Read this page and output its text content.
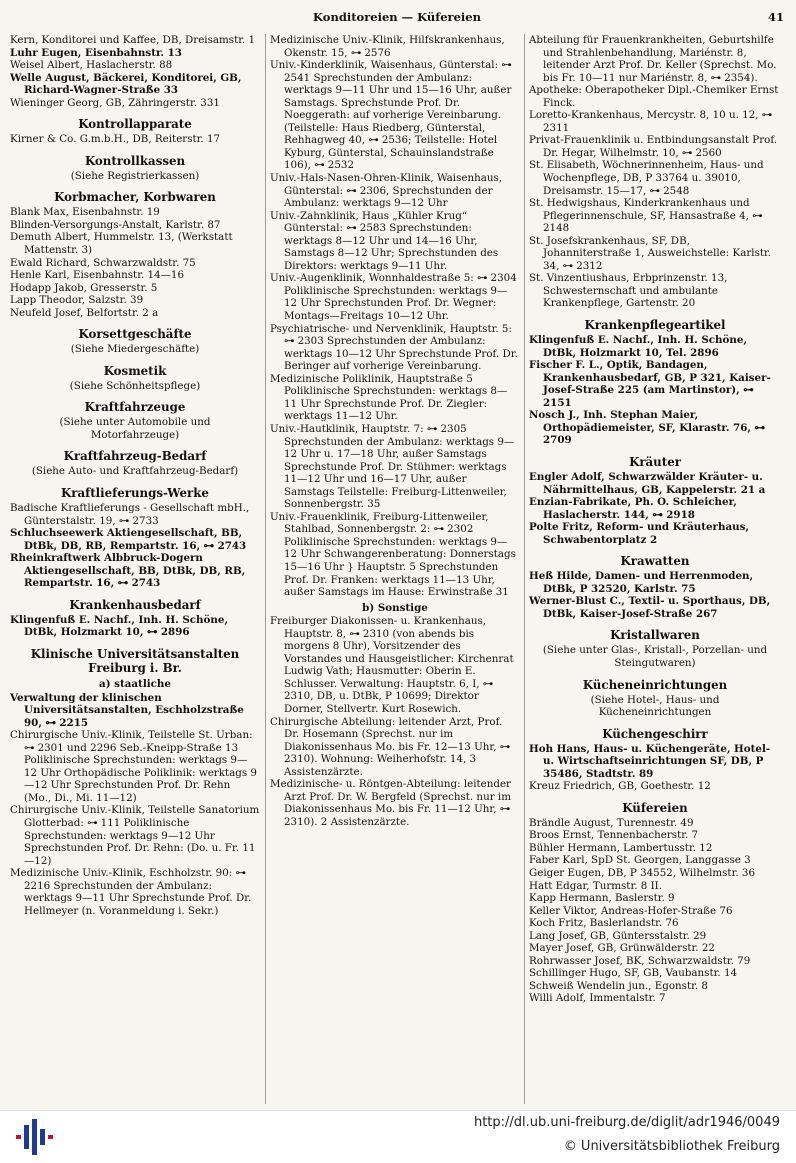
Konditoreien — Küfereien	41
Kern, Konditorei und Kaffee, DB, Dreisamstr. 1
Luhr Eugen, Eisenbahnstr. 13
Weisel Albert, Haslacherstr. 88
Welle August, Bäckerei, Konditorei, GB, Richard-Wagner-Straße 33
Wieninger Georg, GB, Zähringerstr. 331
Kontrollapparate
Kirner & Co. G.m.b.H., DB, Reiterstr. 17
Kontrollkassen
(Siehe Registrierkassen)
Korbmacher, Korbwaren
Blank Max, Eisenbahnstr. 19
Blinden-Versorgungs-Anstalt, Karlstr. 87
Demuth Albert, Hummelstr. 13, (Werkstatt Mattenstr. 3)
Ewald Richard, Schwarzwaldstr. 75
Henle Karl, Eisenbahnstr. 14—16
Hodapp Jakob, Gresserstr. 5
Lapp Theodor, Salzstr. 39
Neufeld Josef, Belfortstr. 2 a
Korsettgeschäfte
(Siehe Miedergeschäfte)
Kosmetik
(Siehe Schönheitspflege)
Kraftfahrzeuge
(Siehe unter Automobile und Motorfahrzeuge)
Kraftfahrzeug-Bedarf
(Siehe Auto- und Kraftfahrzeug-Bedarf)
Kraftlieferungs-Werke
Badische Kraftlieferungs - Gesellschaft mbH., Günterstalstr. 19, ⊶ 2733
Schluchseewerk Aktiengesellschaft, BB, DtBk, DB, RB, Rempartstr. 16, ⊶ 2743
Rheinkraftwerk Albbruck-Dogern Aktiengesellschaft, BB, DtBk, DB, RB, Rempartstr. 16, ⊶ 2743
Krankenhausbedarf
Klingenfuß E. Nachf., Inh. H. Schöne, DtBk, Holzmarkt 10, ⊶ 2896
Klinische Universitätsanstalten Freiburg i. Br.
a) staatliche
Verwaltung der klinischen Universitätsanstalten, Eschholzstraße 90, ⊶ 2215
Chirurgische Univ.-Klinik, Teilstelle St. Urban: ⊶ 2301 und 2296 Seb.-Kneipp-Straße 13 Poliklinische Sprechstunden: werktags 9—12 Uhr Orthopädische Poliklinik: werktags 9—12 Uhr Sprechstunden Prof. Dr. Rehn (Mo., Di., Mi. 11—12)
Chirurgische Univ.-Klinik, Teilstelle Sanatorium Glotterbad: ⊶ 111 Poliklinische Sprechstunden: werktags 9—12 Uhr Sprechstunden Prof. Dr. Rehn: (Do. u. Fr. 11—12)
Medizinische Univ.-Klinik, Eschholzstr. 90: ⊶ 2216 Sprechstunden der Ambulanz: werktags 9—11 Uhr Sprechstunde Prof. Dr. Hellmeyer (n. Voranmeldung i. Sekr.)
Medizinische Univ.-Klinik, Hilfskrankenhaus, Okenstr. 15, ⊶ 2576
Univ.-Kinderklinik, Waisenhaus, Günterstal: ⊶ 2541 Sprechstunden der Ambulanz: werktags 9—11 Uhr und 15—16 Uhr, außer Samstags. Sprechstunde Prof. Dr. Noeggerath: auf vorherige Vereinbarung. (Teilstelle: Haus Riedberg, Günterstal, Rehhagweg 40, ⊶ 2536; Teilstelle: Hotel Kyburg, Günterstal, Schauinslandstraße 106), ⊶ 2532
Univ.-Hals-Nasen-Ohren-Klinik, Waisenhaus, Günterstal: ⊶ 2306, Sprechstunden der Ambulanz: werktags 9—12 Uhr
Univ.-Zahnklinik, Haus „Kühler Krug“ Günterstal: ⊶ 2583 Sprechstunden: werktags 8—12 Uhr und 14—16 Uhr, Samstags 8—12 Uhr; Sprechstunden des Direktors: werktags 9—11 Uhr.
Univ.-Augenklinik, Wonnhaldestraße 5: ⊶ 2304 Poliklinische Sprechstunden: werktags 9—12 Uhr Sprechstunden Prof. Dr. Wegner: Montags—Freitags 10—12 Uhr.
Psychiatrische- und Nervenklinik, Hauptstr. 5: ⊶ 2303 Sprechstunden der Ambulanz: werktags 10—12 Uhr Sprechstunde Prof. Dr. Beringer auf vorherige Vereinbarung.
Medizinische Poliklinik, Hauptstraße 5 Poliklinische Sprechstunden: werktags 8—11 Uhr Sprechstunde Prof. Dr. Ziegler: werktags 11—12 Uhr.
Univ.-Hautklinik, Hauptstr. 7: ⊶ 2305 Sprechstunden der Ambulanz: werktags 9—12 Uhr u. 17—18 Uhr, außer Samstags Sprechstunde Prof. Dr. Stühmer: werktags 11—12 Uhr und 16—17 Uhr, außer Samstags Teilstelle: Freiburg-Littenweiler, Sonnenbergstr. 35
Univ.-Frauenklinik, Freiburg-Littenweiler, Stahlbad, Sonnenbergstr. 2: ⊶ 2302 Poliklinische Sprechstunden: werktags 9—12 Uhr Schwangerenberatung: Donnerstags 15—16 Uhr } Hauptstr. 5 Sprechstunden Prof. Dr. Franken: werktags 11—13 Uhr, außer Samstags im Hause: Erwinstraße 31
b) Sonstige
Freiburger Diakonissen- u. Krankenhaus, Hauptstr. 8, ⊶ 2310 (von abends bis morgens 8 Uhr), Vorsitzender des Vorstandes und Hausgeistlicher: Kirchenrat Ludwig Vath; Hausmutter: Oberin E. Schlusser. Verwaltung: Hauptstr. 6, I, ⊶ 2310, DB, u. DtBk, P 10699; Direktor Dorner, Stellvertr. Kurt Rosewich.
Chirurgische Abteilung: leitender Arzt, Prof. Dr. Hosemann (Sprechst. nur im Diakonissenhaus Mo. bis Fr. 12—13 Uhr, ⊶ 2310). Wohnung: Weiherhofstr. 14, 3 Assistenzärzte.
Medizinische- u. Röntgen-Abteilung: leitender Arzt Prof. Dr. W. Bergfeld (Sprechst. nur im Diakonissenhaus Mo. bis Fr. 11—12 Uhr, ⊶ 2310). 2 Assistenzärzte.
Abteilung für Frauenkrankheiten, Geburtshilfe und Strahlenbehandlung, Mariénstr. 8, leitender Arzt Prof. Dr. Keller (Sprechst. Mo. bis Fr. 10—11 nur Mariénstr. 8, ⊶ 2354).
Apotheke: Oberapotheker Dipl.-Chemiker Ernst Finck.
Loretto-Krankenhaus, Mercystr. 8, 10 u. 12, ⊶ 2311
Privat-Frauenklinik u. Entbindungsanstalt Prof. Dr. Hegar, Wilhelmstr. 10, ⊶ 2560
St. Elisabeth, Wöchnerinnenheim, Haus- und Wochenpflege, DB, P 33764 u. 39010, Dreisamstr. 15—17, ⊶ 2548
St. Hedwigshaus, Kinderkrankenhaus und Pflegerinnenschule, SF, Hansastraße 4, ⊶ 2148
St. Josefskrankenhaus, SF, DB, Johanniterstraße 1, Ausweichstelle: Karlstr. 34, ⊶ 2312
St. Vinzentiushaus, Erbprinzenstr. 13, Schwesternschaft und ambulante Krankenpflege, Gartenstr. 20
Krankenpflegeartikel
Klingenfuß E. Nachf., Inh. H. Schöne, DtBk, Holzmarkt 10, Tel. 2896
Fischer F. L., Optik, Bandagen, Krankenhausbedarf, GB, P 321, Kaiser-Josef-Straße 225 (am Martinstor), ⊶ 2151
Nosch J., Inh. Stephan Maier, Orthopädiemeister, SF, Klarastr. 76, ⊶ 2709
Kräuter
Engler Adolf, Schwarzwälder Kräuter- u. Nährmittelhaus, GB, Kappelerstr. 21 a
Enzian-Fabrikate, Ph. O. Schleicher, Haslacherstr. 144, ⊶ 2918
Polte Fritz, Reform- und Kräuterhaus, Schwabentorplatz 2
Krawatten
Heß Hilde, Damen- und Herrenmoden, DtBk, P 32520, Karlstr. 75
Werner-Blust C., Textil- u. Sporthaus, DB, DtBk, Kaiser-Josef-Straße 267
Kristallwaren
(Siehe unter Glas-, Kristall-, Porzellan- und Steingutwaren)
Kücheneinrichtungen
(Siehe Hotel-, Haus- und Kücheneinrichtungen
Küchengeschirr
Hoh Hans, Haus- u. Küchengeräte, Hotel- u. Wirtschaftseinrichtungen SF, DB, P 35486, Stadtstr. 89
Kreuz Friedrich, GB, Goethestr. 12
Küfereien
Brändle August, Turennestr. 49
Broos Ernst, Tennenbacherstr. 7
Bühler Hermann, Lambertusstr. 12
Faber Karl, SpD St. Georgen, Langgasse 3
Geiger Eugen, DB, P 34552, Wilhelmstr. 36
Hatt Edgar, Turmstr. 8 II.
Kapp Hermann, Baslerstr. 9
Keller Viktor, Andreas-Hofer-Straße 76
Koch Fritz, Baslerlandstr. 76
Lang Josef, GB, Güntersstalstr. 29
Mayer Josef, GB, Grünwälderstr. 22
Rohrwasser Josef, BK, Schwarzwaldstr. 79
Schillinger Hugo, SF, GB, Vaubanstr. 14
Schweiß Wendelin jun., Egonstr. 8
Willi Adolf, Immentalstr. 7
http://dl.ub.uni-freiburg.de/diglit/adr1946/0049
© Universitätsbibliothek Freiburg
